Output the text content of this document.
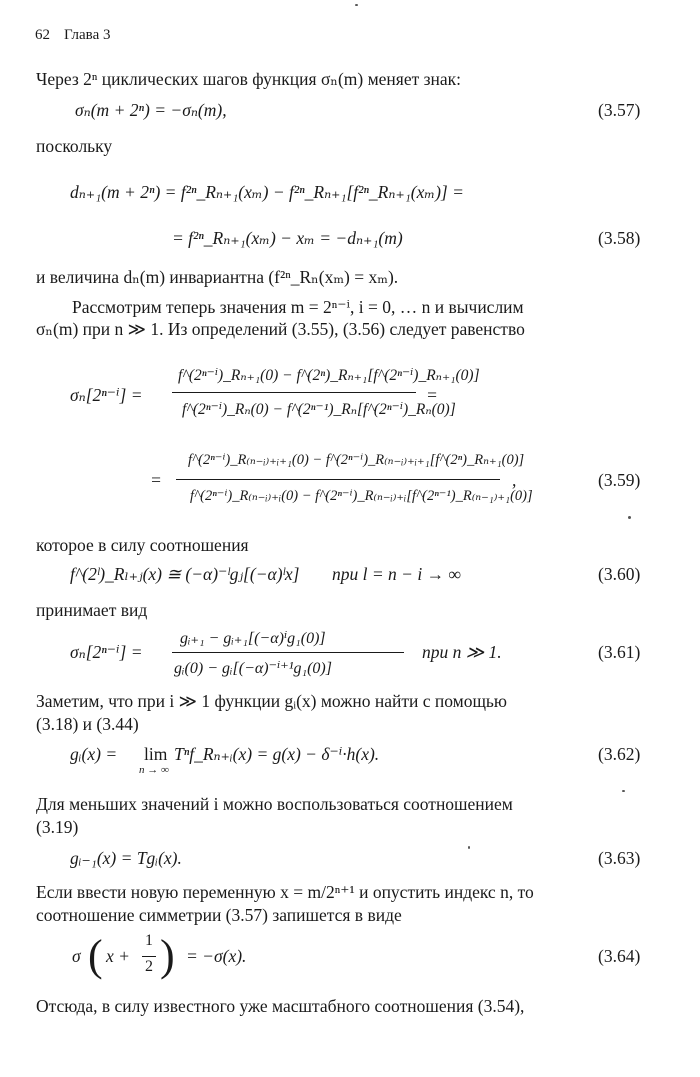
62 Глава 3
Через 2ⁿ циклических шагов функция σₙ(m) меняет знак:
σₙ(m + 2ⁿ) = −σₙ(m),	(3.57)
поскольку
dₙ₊₁(m + 2ⁿ) = f²ⁿ_Rₙ₊₁(xₘ) − f²ⁿ_Rₙ₊₁[f²ⁿ_Rₙ₊₁(xₘ)] =
= f²ⁿ_Rₙ₊₁(xₘ) − xₘ = −dₙ₊₁(m)	(3.58)
и величина dₙ(m) инвариантна (f²ⁿ_Rₙ(xₘ) = xₘ).
Рассмотрим теперь значения m = 2ⁿ⁻ⁱ, i = 0, … n и вычислим
σₙ(m) при n ≫ 1. Из определений (3.55), (3.56) следует равенство
σₙ[2ⁿ⁻ⁱ] =
f^(2ⁿ⁻ⁱ)_Rₙ₊₁(0) − f^(2ⁿ)_Rₙ₊₁[f^(2ⁿ⁻ⁱ)_Rₙ₊₁(0)]
f^(2ⁿ⁻ⁱ)_Rₙ(0) − f^(2ⁿ⁻¹)_Rₙ[f^(2ⁿ⁻ⁱ)_Rₙ(0)]
=
=
f^(2ⁿ⁻ⁱ)_R₍ₙ₋ᵢ₎₊ᵢ₊₁(0) − f^(2ⁿ⁻ⁱ)_R₍ₙ₋ᵢ₎₊ᵢ₊₁[f^(2ⁿ)_Rₙ₊₁(0)]
f^(2ⁿ⁻ⁱ)_R₍ₙ₋ᵢ₎₊ᵢ(0) − f^(2ⁿ⁻ⁱ)_R₍ₙ₋ᵢ₎₊ᵢ[f^(2ⁿ⁻¹)_R₍ₙ₋₁₎₊₁(0)]
,	(3.59)
которое в силу соотношения
f^(2ˡ)_Rₗ₊ⱼ(x) ≅ (−α)⁻ˡgⱼ[(−α)ˡx] при l = n − i → ∞	(3.60)
принимает вид
σₙ[2ⁿ⁻ⁱ] =
gᵢ₊₁ − gᵢ₊₁[(−α)ⁱg₁(0)]
gᵢ(0) − gᵢ[(−α)⁻ⁱ⁺¹g₁(0)]
при n ≫ 1.	(3.61)
Заметим, что при i ≫ 1 функции gᵢ(x) можно найти с помощью
(3.18) и (3.44)
gᵢ(x) = lim
n → ∞
Tⁿf_Rₙ₊ᵢ(x) = g(x) − δ⁻ⁱ·h(x).	(3.62)
Для меньших значений i можно воспользоваться соотношением
(3.19)
gᵢ₋₁(x) = Tgᵢ(x).	(3.63)
Если ввести новую переменную x = m/2ⁿ⁺¹ и опустить индекс n, то
соотношение симметрии (3.57) запишется в виде
σ ( x +
1
2 ) = −σ(x).	(3.64)
Отсюда, в силу известного уже масштабного соотношения (3.54),
